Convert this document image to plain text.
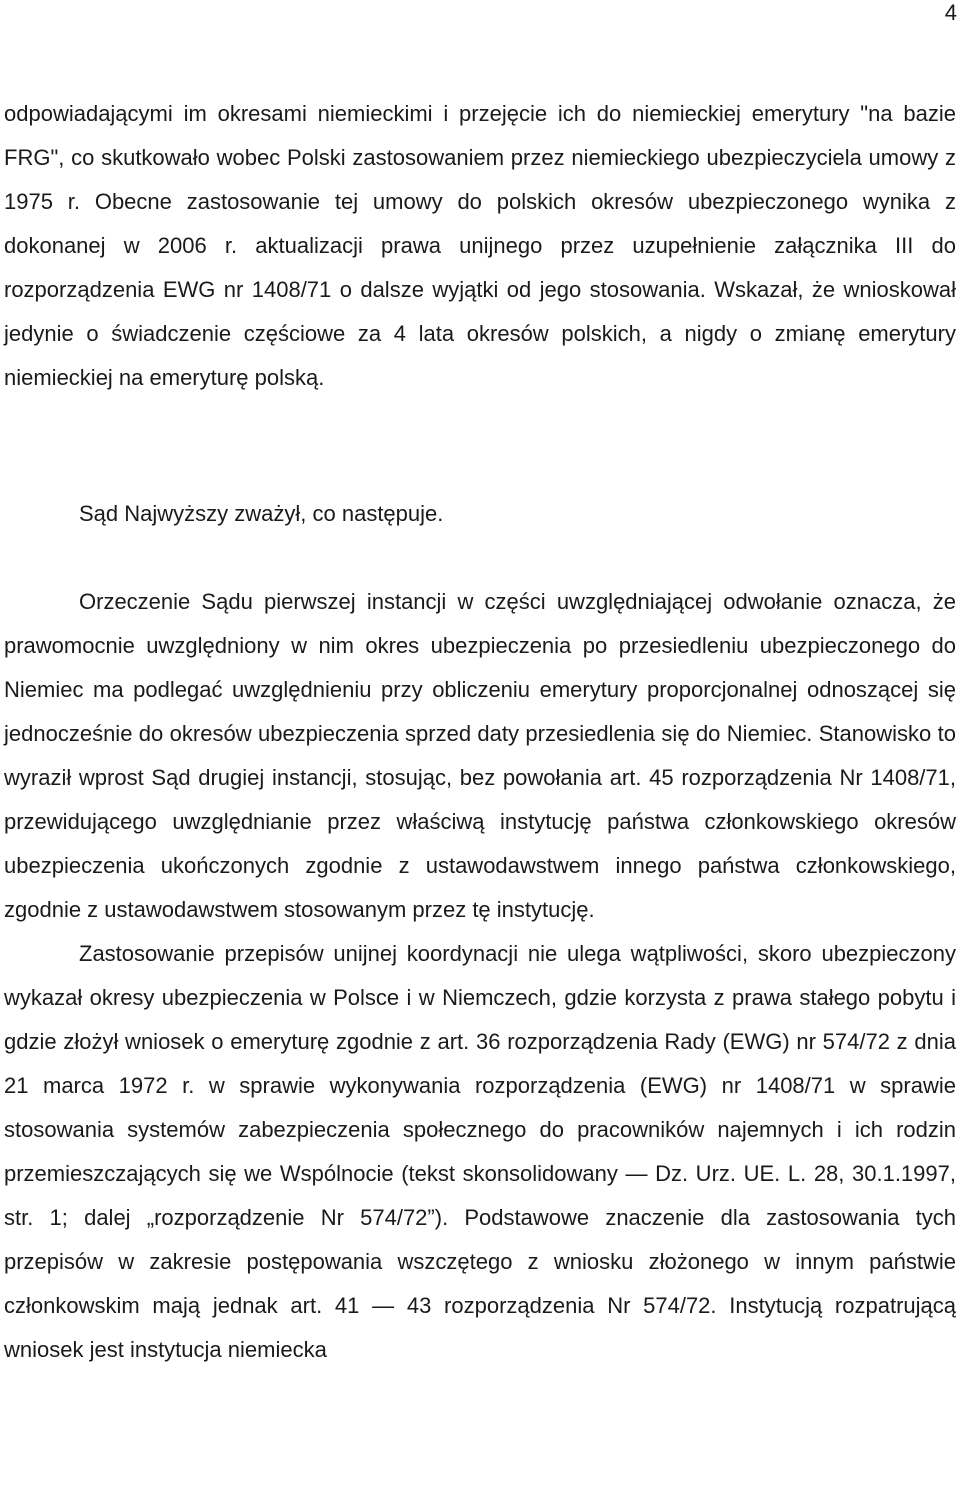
4

odpowiadającymi im okresami niemieckimi i przejęcie ich do niemieckiej emerytury "na bazie FRG", co skutkowało wobec Polski zastosowaniem przez niemieckiego ubezpieczyciela umowy z 1975 r. Obecne zastosowanie tej umowy do polskich okresów ubezpieczonego wynika z dokonanej w 2006 r. aktualizacji prawa unijnego przez uzupełnienie załącznika III do rozporządzenia EWG nr 1408/71 o dalsze wyjątki od jego stosowania. Wskazał, że wnioskował jedynie o świadczenie częściowe za 4 lata okresów polskich, a nigdy o zmianę emerytury niemieckiej na emeryturę polską.

Sąd Najwyższy zważył, co następuje.

Orzeczenie Sądu pierwszej instancji w części uwzględniającej odwołanie oznacza, że prawomocnie uwzględniony w nim okres ubezpieczenia po przesiedleniu ubezpieczonego do Niemiec ma podlegać uwzględnieniu przy obliczeniu emerytury proporcjonalnej odnoszącej się jednocześnie do okresów ubezpieczenia sprzed daty przesiedlenia się do Niemiec. Stanowisko to wyraził wprost Sąd drugiej instancji, stosując, bez powołania art. 45 rozporządzenia Nr 1408/71, przewidującego uwzględnianie przez właściwą instytucję państwa członkowskiego okresów ubezpieczenia ukończonych zgodnie z ustawodawstwem innego państwa członkowskiego, zgodnie z ustawodawstwem stosowanym przez tę instytucję.

Zastosowanie przepisów unijnej koordynacji nie ulega wątpliwości, skoro ubezpieczony wykazał okresy ubezpieczenia w Polsce i w Niemczech, gdzie korzysta z prawa stałego pobytu i gdzie złożył wniosek o emeryturę zgodnie z art. 36 rozporządzenia Rady (EWG) nr 574/72 z dnia 21 marca 1972 r. w sprawie wykonywania rozporządzenia (EWG) nr 1408/71 w sprawie stosowania systemów zabezpieczenia społecznego do pracowników najemnych i ich rodzin przemieszczających się we Wspólnocie (tekst skonsolidowany — Dz. Urz. UE. L. 28, 30.1.1997, str. 1; dalej „rozporządzenie Nr 574/72”). Podstawowe znaczenie dla zastosowania tych przepisów w zakresie postępowania wszczętego z wniosku złożonego w innym państwie członkowskim mają jednak art. 41 — 43 rozporządzenia Nr 574/72. Instytucją rozpatrującą wniosek jest instytucja niemiecka
